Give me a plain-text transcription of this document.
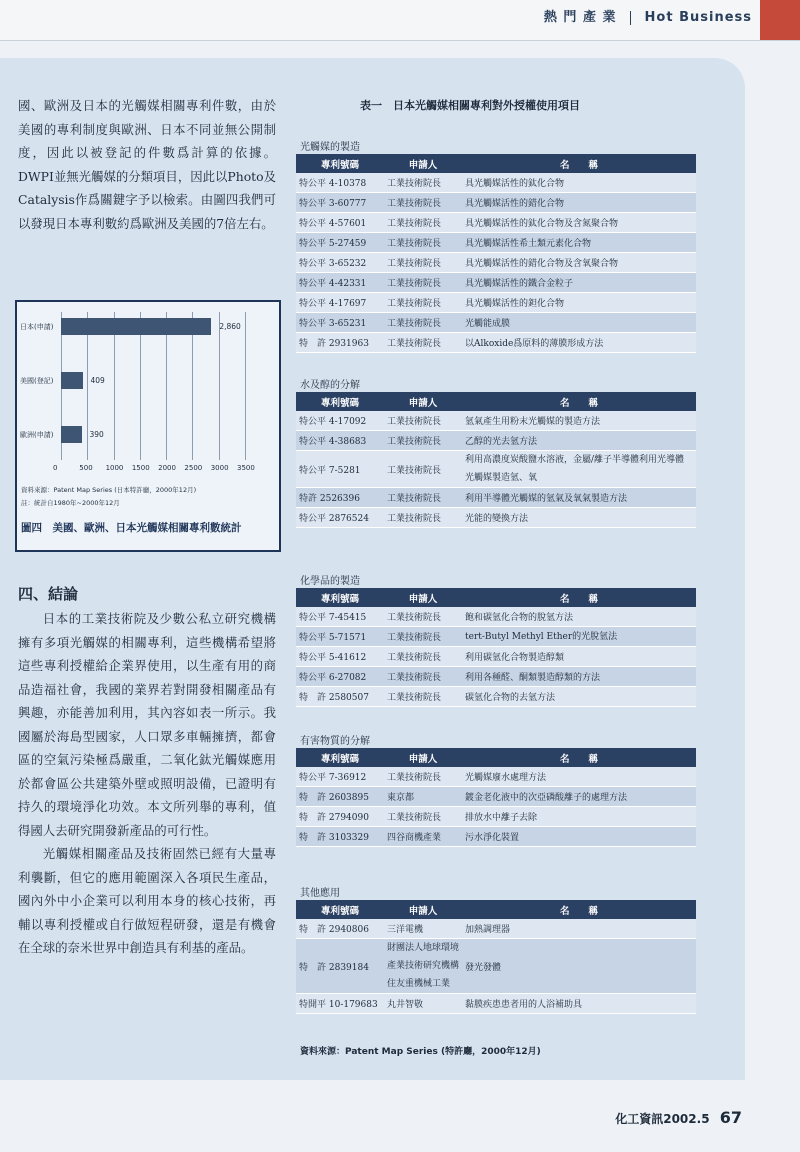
熱 門 產 業 Hot Business

國、歐洲及日本的光觸媒相關專利件數，由於美國的專利制度與歐洲、日本不同並無公開制度，因此以被登記的件數爲計算的依據。DWPI並無光觸媒的分類項目，因此以Photo及Catalysis作爲關鍵字予以檢索。由圖四我們可以發現日本專利數約爲歐洲及美國的7倍左右。

0	500 1000 1500 2000 2500 3000 3500
日本(申請)	2,860
美國(登記)	409
歐洲(申請)	390
資料來源：Patent Map Series (日本特許廳，2000年12月)
註：統計自1980年~2000年12月
圖四　美國、歐洲、日本光觸媒相關專利數統計
四、結論

日本的工業技術院及少數公私立研究機構擁有多項光觸媒的相關專利，這些機構希望將這些專利授權給企業界使用，以生產有用的商品造福社會，我國的業界若對開發相關產品有興趣，亦能善加利用，其內容如表一所示。我國屬於海島型國家，人口眾多車輛擁擠，都會區的空氣污染極爲嚴重，二氧化鈦光觸媒應用於都會區公共建築外壁或照明設備，已證明有持久的環境淨化功效。本文所列舉的專利，值得國人去研究開發新產品的可行性。

光觸媒相關產品及技術固然已經有大量專利襲斷，但它的應用範圍深入各項民生產品，國內外中小企業可以利用本身的核心技術，再輔以專利授權或自行做短程研發，還是有機會在全球的奈米世界中創造具有利基的產品。

表一　日本光觸媒相關專利對外授權使用項目
光觸媒的製造
專利號碼	申請人	名　　稱
特公平 4-10378	工業技術院長	具光觸媒活性的鈦化合物
特公平 3-60777	工業技術院長	具光觸媒活性的錯化合物
特公平 4-57601	工業技術院長	具光觸媒活性的鈦化合物及含氮聚合物
特公平 5-27459	工業技術院長	具光觸媒活性希土類元素化合物
特公平 3-65232	工業技術院長	具光觸媒活性的錯化合物及含氧聚合物
特公平 4-42331	工業技術院長	具光觸媒活性的鐵合金粒子
特公平 4-17697	工業技術院長	具光觸媒活性的鉭化合物
特公平 3-65231	工業技術院長	光觸能成膜
特　許 2931963	工業技術院長	以Alkoxide爲原料的薄膜形成方法
水及醇的分解
專利號碼	申請人	名　　稱
特公平 4-17092	工業技術院長	氫氣產生用粉末光觸媒的製造方法
特公平 4-38683	工業技術院長	乙醇的光去氫方法
特公平 7-5281	工業技術院長	利用高濃度炭酸鹽水溶液，金屬/離子半導體利用光導體光觸媒製造氫、氧
特許 2526396	工業技術院長	利用半導體光觸媒的氫氣及氧氣製造方法
特公平 2876524	工業技術院長	光能的變換方法
化學品的製造
專利號碼	申請人	名　　稱
特公平 7-45415	工業技術院長	飽和碳氫化合物的脫氫方法
特公平 5-71571	工業技術院長	tert-Butyl Methyl Ether的光脫氫法
特公平 5-41612	工業技術院長	利用碳氫化合物製造醇類
特公平 6-27082	工業技術院長	利用各種醛、酮類製造醇類的方法
特　許 2580507	工業技術院長	碳氫化合物的去氫方法
有害物質的分解
專利號碼	申請人	名　　稱
特公平 7-36912	工業技術院長	光觸媒廢水處理方法
特　許 2603895	東京都	鍍金老化液中的次亞磷酸離子的處理方法
特　許 2794090	工業技術院長	排放水中離子去除
特　許 3103329	四谷商機產業	污水淨化裝置
其他應用
專利號碼	申請人	名　　稱
特　許 2940806	三洋電機	加熱調理器
特　許 2839184	財團法人地球環境產業技術研究機構住友重機械工業	發光發體
特開平 10-179683	丸井智敬	黏膜疾患患者用的人浴補助具
資料來源：Patent Map Series (特許廳，2000年12月)
化工資訊2002.5 67
